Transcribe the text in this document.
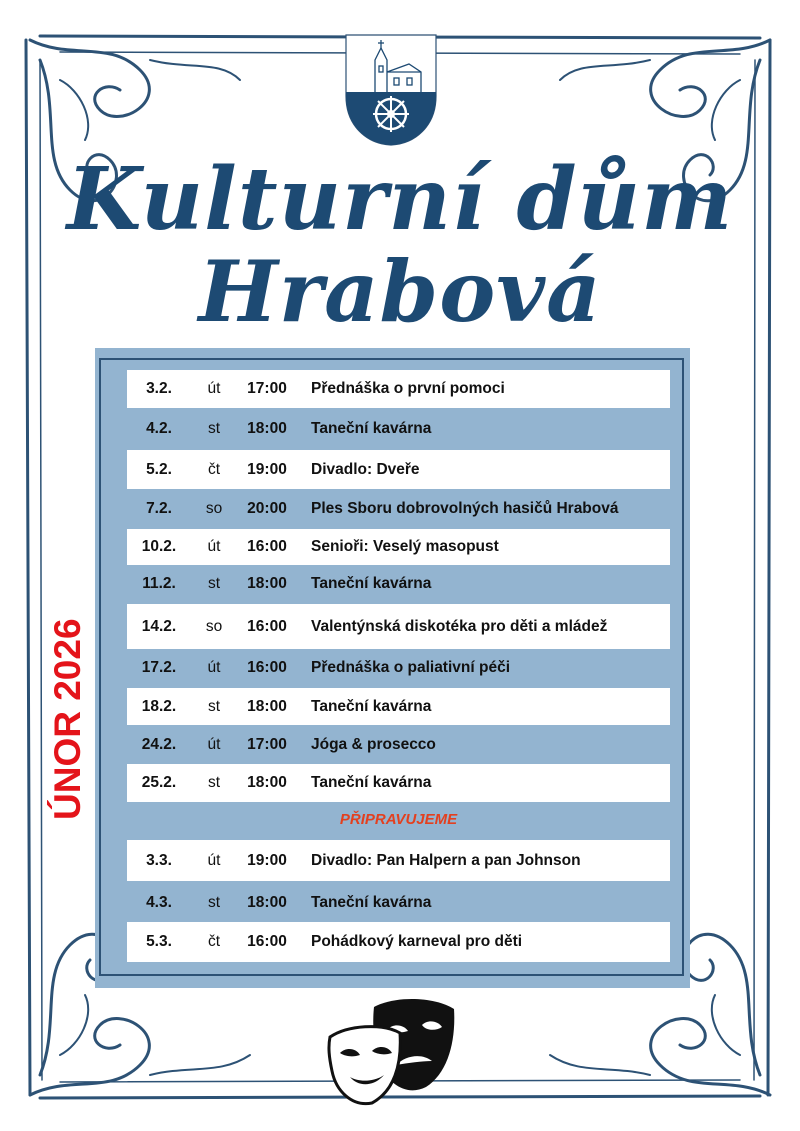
Kulturní dům
Hrabová
ÚNOR 2026
3.2.	út	17:00	Přednáška o první pomoci
4.2.	st	18:00	Taneční kavárna
5.2.	čt	19:00	Divadlo: Dveře
7.2.	so	20:00	Ples Sboru dobrovolných hasičů Hrabová
10.2.	út	16:00	Senioři: Veselý masopust
11.2.	st	18:00	Taneční kavárna
14.2.	so	16:00	Valentýnská diskotéka pro děti a mládež
17.2.	út	16:00	Přednáška o paliativní péči
18.2.	st	18:00	Taneční kavárna
24.2.	út	17:00	Jóga & prosecco
25.2.	st	18:00	Taneční kavárna
PŘIPRAVUJEME
3.3.	út	19:00	Divadlo: Pan Halpern a pan Johnson
4.3.	st	18:00	Taneční kavárna
5.3.	čt	16:00	Pohádkový karneval pro děti
